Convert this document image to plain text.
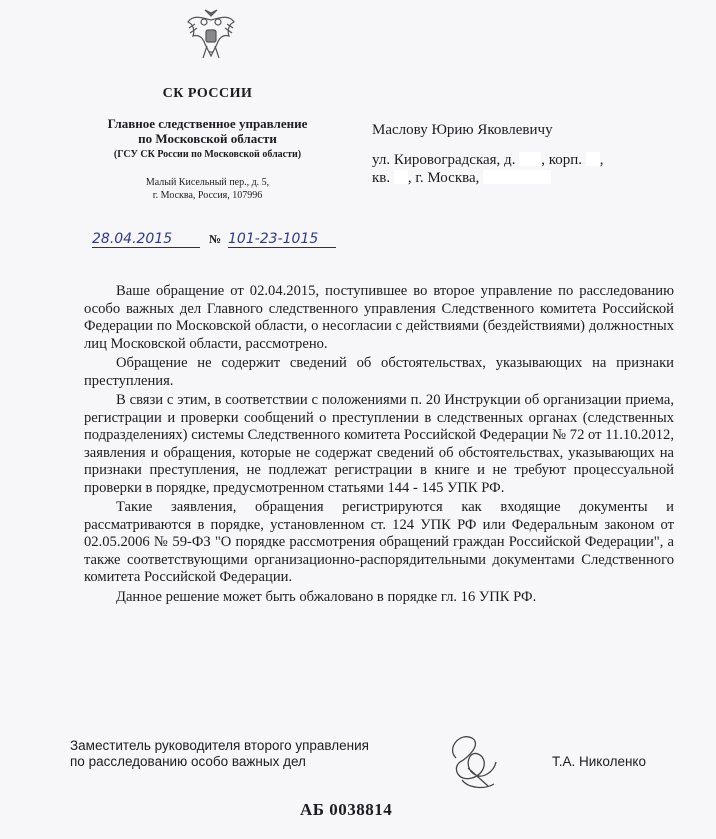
СК РОССИИ
Главное следственное управление
по Московской области
(ГСУ СК России по Московской области)
Малый Кисельный пер., д. 5,
г. Москва, Россия, 107996
Маслову Юрию Яковлевичу
ул. Кировоградская, д. , корп. ,
кв. , г. Москва,
28.04.2015	№ 101-23-1015

Ваше обращение от 02.04.2015, поступившее во второе управление по расследованию особо важных дел Главного следственного управления Следственного комитета Российской Федерации по Московской области, о несогласии с действиями (бездействиями) должностных лиц Московской области, рассмотрено.

Обращение не содержит сведений об обстоятельствах, указывающих на признаки преступления.

В связи с этим, в соответствии с положениями п. 20 Инструкции об организации приема, регистрации и проверки сообщений о преступлении в следственных органах (следственных подразделениях) системы Следственного комитета Российской Федерации № 72 от 11.10.2012, заявления и обращения, которые не содержат сведений об обстоятельствах, указывающих на признаки преступления, не подлежат регистрации в книге и не требуют процессуальной проверки в порядке, предусмотренном статьями 144 - 145 УПК РФ.

Такие заявления, обращения регистрируются как входящие документы и рассматриваются в порядке, установленном ст. 124 УПК РФ или Федеральным законом от 02.05.2006 № 59-ФЗ "О порядке рассмотрения обращений граждан Российской Федерации", а также соответствующими организационно-распорядительными документами Следственного комитета Российской Федерации.

Данное решение может быть обжаловано в порядке гл. 16 УПК РФ.

Заместитель руководителя второго управления
по расследованию особо важных дел	Т.А. Николенко
АБ 0038814
